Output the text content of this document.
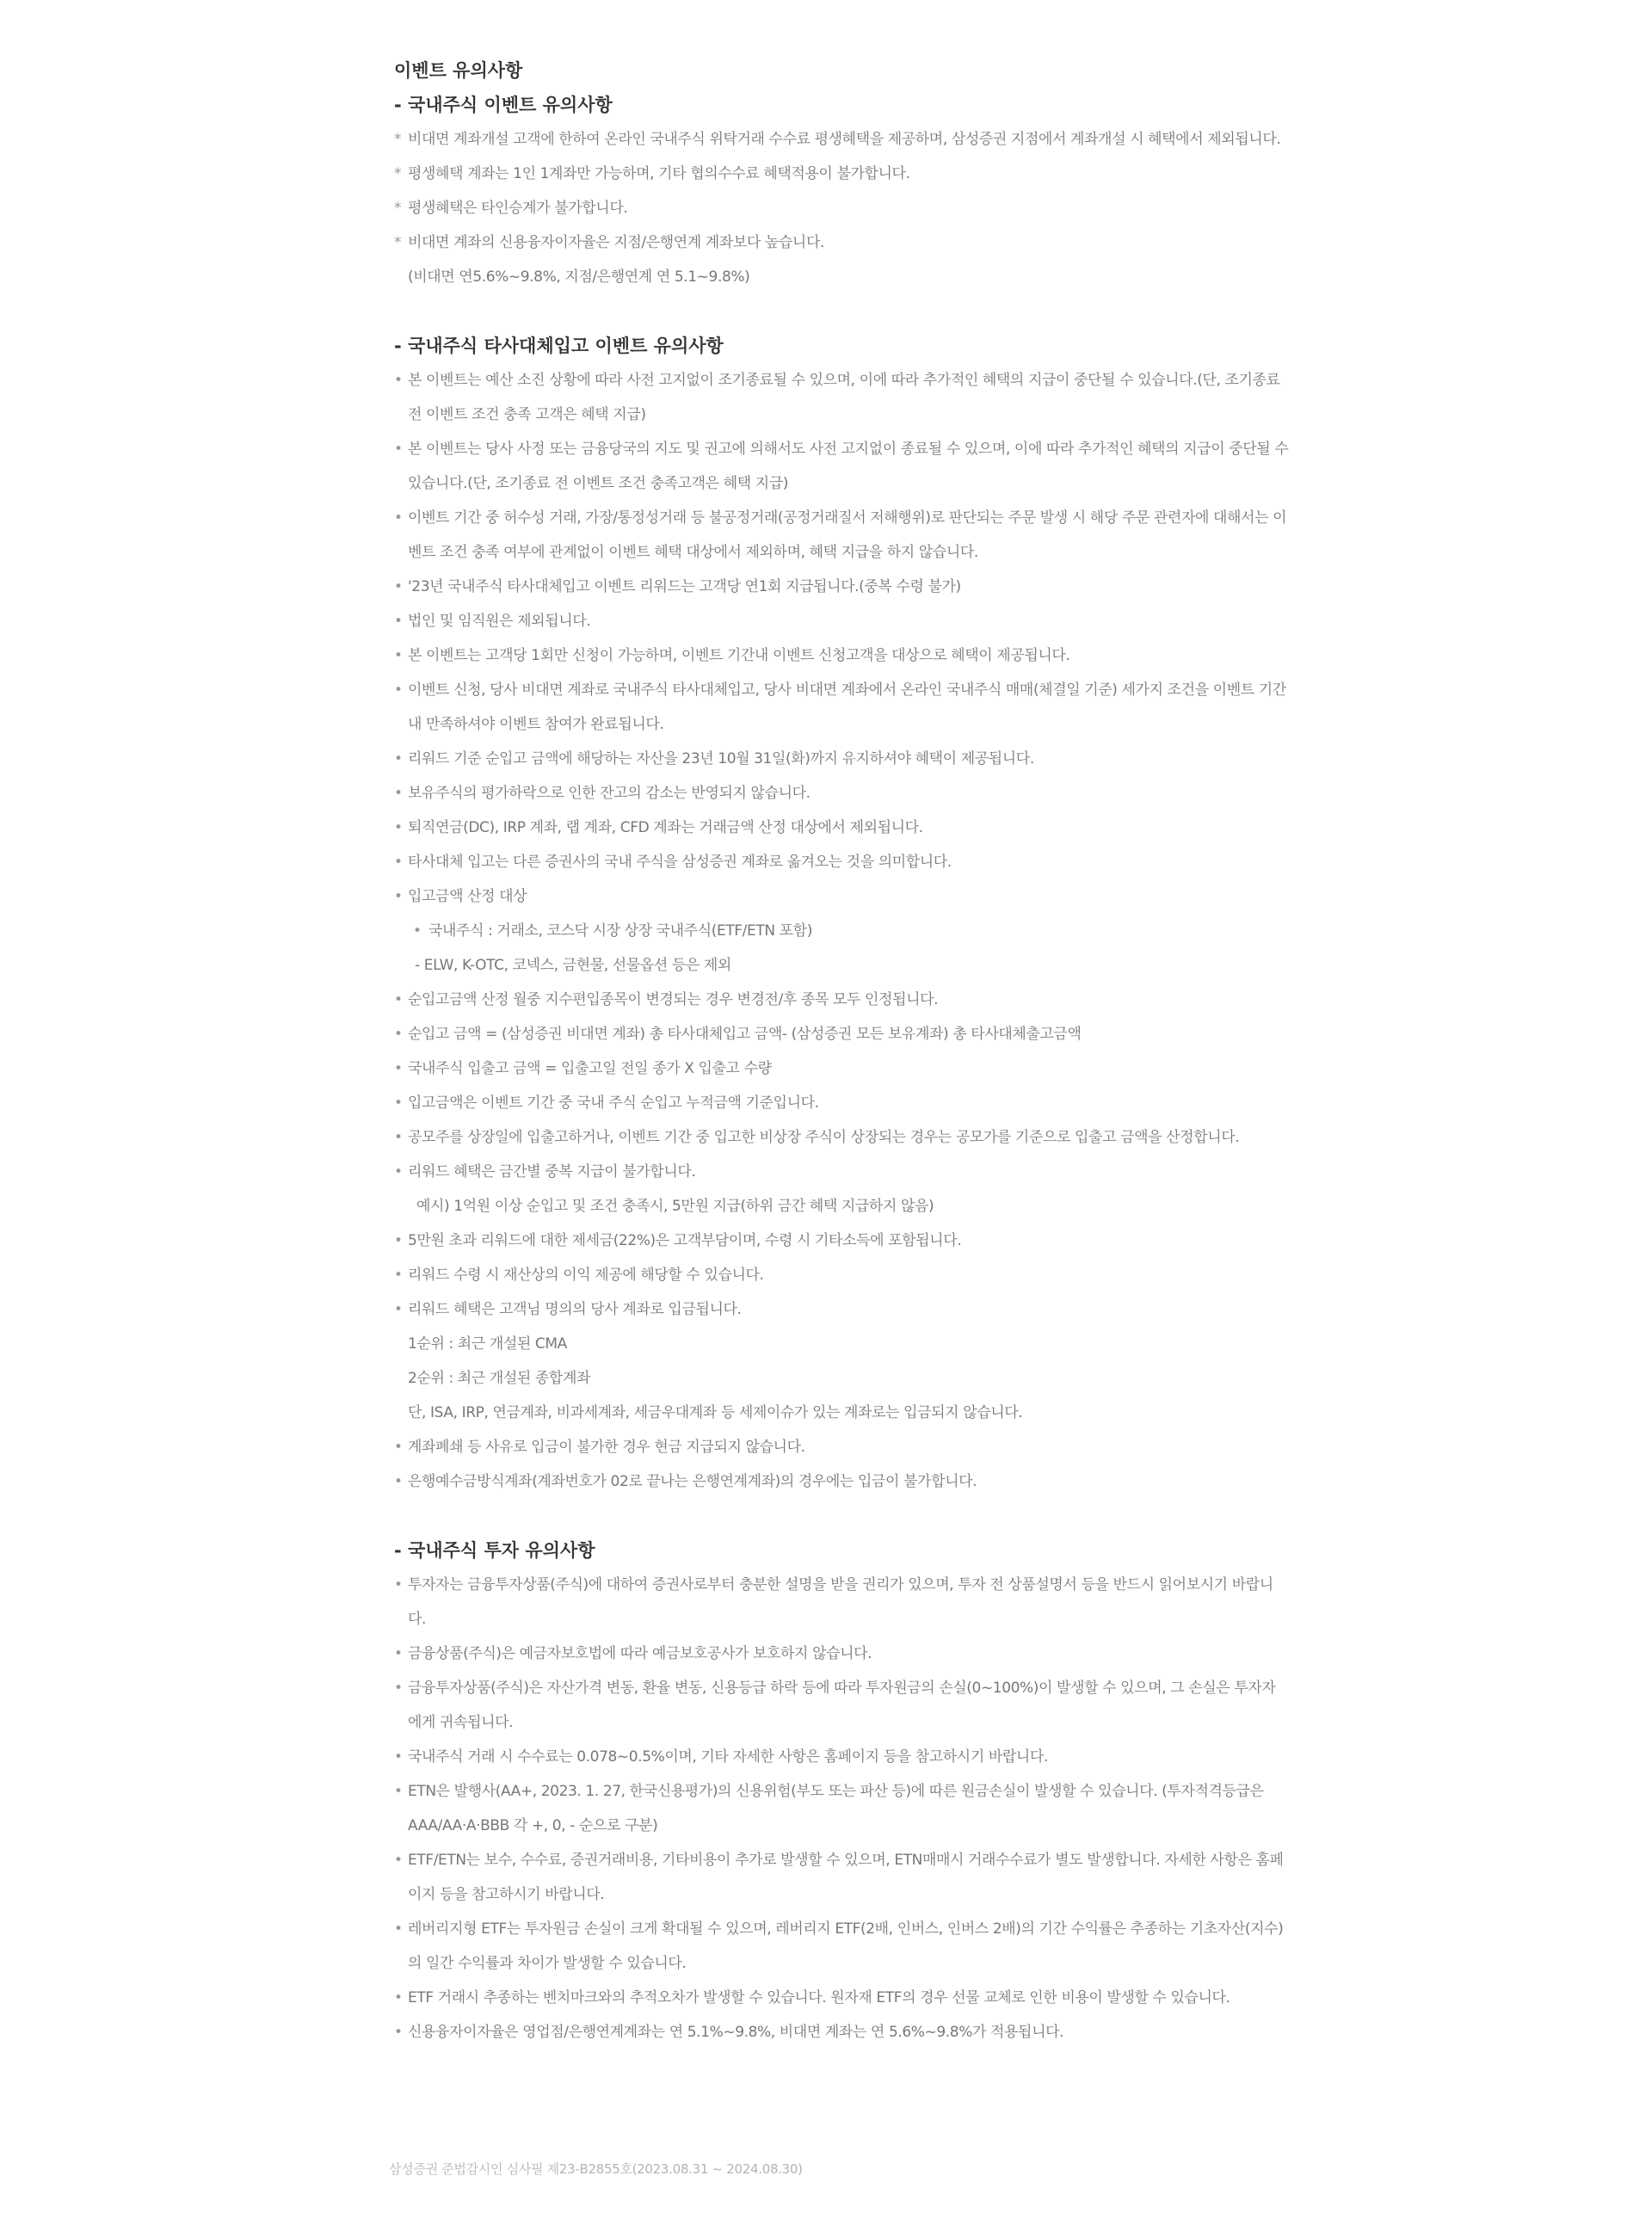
이벤트 유의사항
- 국내주식 이벤트 유의사항
* 비대면 계좌개설 고객에 한하여 온라인 국내주식 위탁거래 수수료 평생혜택을 제공하며, 삼성증권 지점에서 계좌개설 시 혜택에서 제외됩니다.
* 평생혜택 계좌는 1인 1계좌만 가능하며, 기타 협의수수료 혜택적용이 불가합니다.
* 평생혜택은 타인승계가 불가합니다.
* 비대면 계좌의 신용융자이자율은 지점/은행연계 계좌보다 높습니다.
(비대면 연5.6%~9.8%, 지점/은행연계 연 5.1~9.8%)
- 국내주식 타사대체입고 이벤트 유의사항
• 본 이벤트는 예산 소진 상황에 따라 사전 고지없이 조기종료될 수 있으며, 이에 따라 추가적인 혜택의 지급이 중단될 수 있습니다.(단, 조기종료 전 이벤트 조건 충족 고객은 혜택 지급)
• 본 이벤트는 당사 사정 또는 금융당국의 지도 및 권고에 의해서도 사전 고지없이 종료될 수 있으며, 이에 따라 추가적인 혜택의 지급이 중단될 수 있습니다.(단, 조기종료 전 이벤트 조건 충족고객은 혜택 지급)
• 이벤트 기간 중 허수성 거래, 가장/통정성거래 등 불공정거래(공정거래질서 저해행위)로 판단되는 주문 발생 시 해당 주문 관련자에 대해서는 이벤트 조건 충족 여부에 관계없이 이벤트 혜택 대상에서 제외하며, 혜택 지급을 하지 않습니다.
• '23년 국내주식 타사대체입고 이벤트 리워드는 고객당 연1회 지급됩니다.(중복 수령 불가)
• 법인 및 임직원은 제외됩니다.
• 본 이벤트는 고객당 1회만 신청이 가능하며, 이벤트 기간내 이벤트 신청고객을 대상으로 혜택이 제공됩니다.
• 이벤트 신청, 당사 비대면 계좌로 국내주식 타사대체입고, 당사 비대면 계좌에서 온라인 국내주식 매매(체결일 기준) 세가지 조건을 이벤트 기간 내 만족하셔야 이벤트 참여가 완료됩니다.
• 리워드 기준 순입고 금액에 해당하는 자산을 23년 10월 31일(화)까지 유지하셔야 혜택이 제공됩니다.
• 보유주식의 평가하락으로 인한 잔고의 감소는 반영되지 않습니다.
• 퇴직연금(DC), IRP 계좌, 랩 계좌, CFD 계좌는 거래금액 산정 대상에서 제외됩니다.
• 타사대체 입고는 다른 증권사의 국내 주식을 삼성증권 계좌로 옮겨오는 것을 의미합니다.
• 입고금액 산정 대상
• 국내주식 : 거래소, 코스닥 시장 상장 국내주식(ETF/ETN 포함)
- ELW, K-OTC, 코넥스, 금현물, 선물옵션 등은 제외
• 순입고금액 산정 월중 지수편입종목이 변경되는 경우 변경전/후 종목 모두 인정됩니다.
• 순입고 금액 = (삼성증권 비대면 계좌) 총 타사대체입고 금액- (삼성증권 모든 보유계좌) 총 타사대체출고금액
• 국내주식 입출고 금액 = 입출고일 전일 종가 X 입출고 수량
• 입고금액은 이벤트 기간 중 국내 주식 순입고 누적금액 기준입니다.
• 공모주를 상장일에 입출고하거나, 이벤트 기간 중 입고한 비상장 주식이 상장되는 경우는 공모가를 기준으로 입출고 금액을 산정합니다.
• 리워드 혜택은 금간별 중복 지급이 불가합니다.
예시) 1억원 이상 순입고 및 조건 충족시, 5만원 지급(하위 금간 혜택 지급하지 않음)
• 5만원 초과 리워드에 대한 제세금(22%)은 고객부담이며, 수령 시 기타소득에 포함됩니다.
• 리워드 수령 시 재산상의 이익 제공에 해당할 수 있습니다.
• 리워드 혜택은 고객님 명의의 당사 계좌로 입금됩니다.
1순위 : 최근 개설된 CMA
2순위 : 최근 개설된 종합계좌
단, ISA, IRP, 연금계좌, 비과세계좌, 세금우대계좌 등 세제이슈가 있는 계좌로는 입금되지 않습니다.
• 계좌폐쇄 등 사유로 입금이 불가한 경우 현금 지급되지 않습니다.
• 은행예수금방식계좌(계좌번호가 02로 끝나는 은행연계계좌)의 경우에는 입금이 불가합니다.
- 국내주식 투자 유의사항
• 투자자는 금융투자상품(주식)에 대하여 증권사로부터 충분한 설명을 받을 권리가 있으며, 투자 전 상품설명서 등을 반드시 읽어보시기 바랍니다.
• 금융상품(주식)은 예금자보호법에 따라 예금보호공사가 보호하지 않습니다.
• 금융투자상품(주식)은 자산가격 변동, 환율 변동, 신용등급 하락 등에 따라 투자원금의 손실(0~100%)이 발생할 수 있으며, 그 손실은 투자자에게 귀속됩니다.
• 국내주식 거래 시 수수료는 0.078~0.5%이며, 기타 자세한 사항은 홈페이지 등을 참고하시기 바랍니다.
• ETN은 발행사(AA+, 2023. 1. 27, 한국신용평가)의 신용위험(부도 또는 파산 등)에 따른 원금손실이 발생할 수 있습니다. (투자적격등급은 AAA/AA·A·BBB 각 +, 0, - 순으로 구분)
• ETF/ETN는 보수, 수수료, 증권거래비용, 기타비용이 추가로 발생할 수 있으며, ETN매매시 거래수수료가 별도 발생합니다. 자세한 사항은 홈페이지 등을 참고하시기 바랍니다.
• 레버리지형 ETF는 투자원금 손실이 크게 확대될 수 있으며, 레버리지 ETF(2배, 인버스, 인버스 2배)의 기간 수익률은 추종하는 기초자산(지수)의 일간 수익률과 차이가 발생할 수 있습니다.
• ETF 거래시 추종하는 벤치마크와의 추적오차가 발생할 수 있습니다. 원자재 ETF의 경우 선물 교체로 인한 비용이 발생할 수 있습니다.
• 신용융자이자율은 영업점/은행연계계좌는 연 5.1%~9.8%, 비대면 계좌는 연 5.6%~9.8%가 적용됩니다.
삼성증권 준법감시인 심사필 제23-B2855호(2023.08.31 ~ 2024.08.30)
